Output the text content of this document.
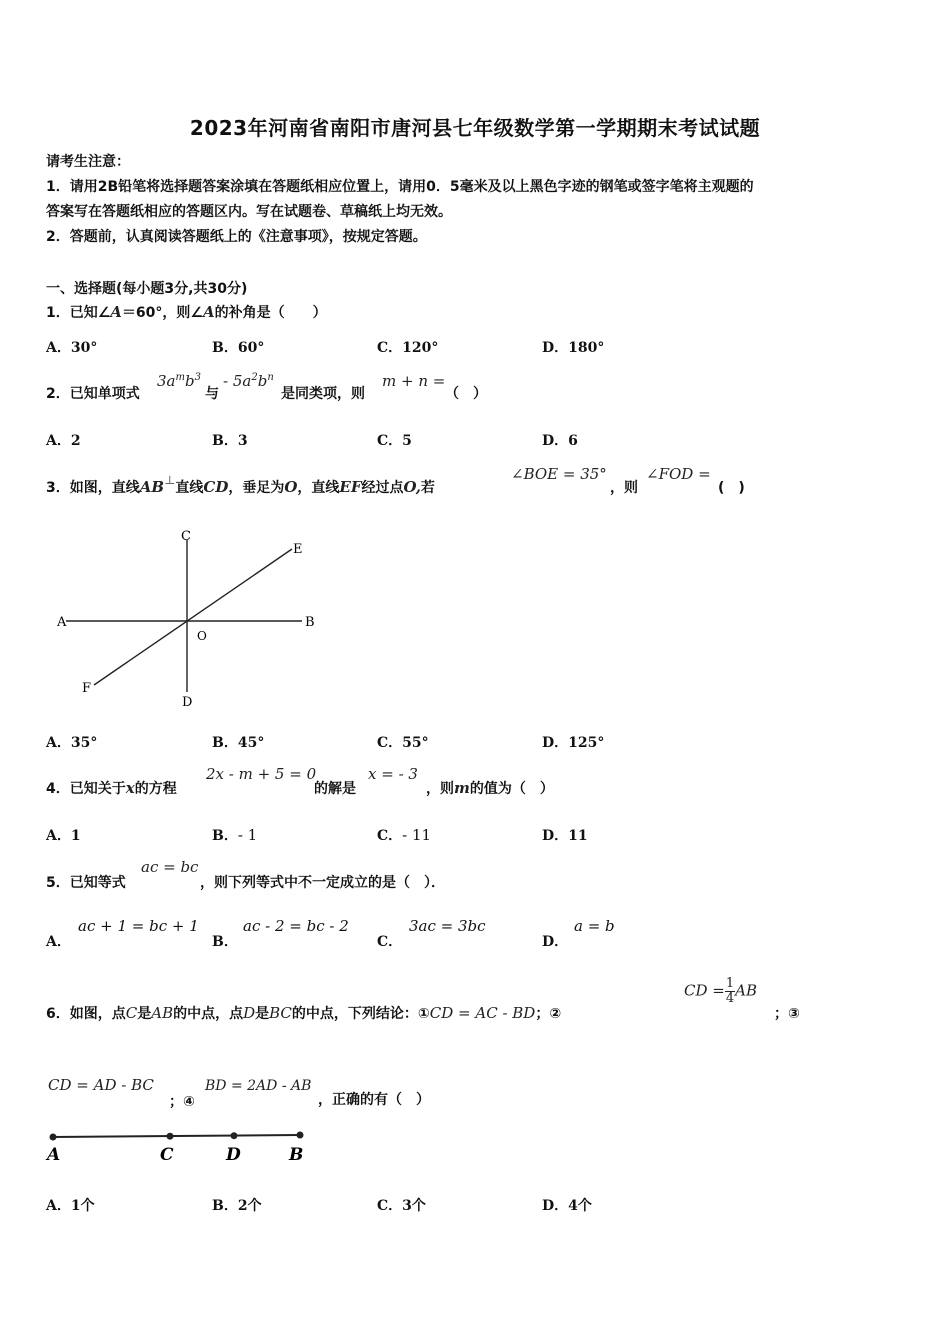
2023年河南省南阳市唐河县七年级数学第一学期期末考试试题
请考生注意：
1．请用2B铅笔将选择题答案涂填在答题纸相应位置上，请用0．5毫米及以上黑色字迹的钢笔或签字笔将主观题的
答案写在答题纸相应的答题区内。写在试题卷、草稿纸上均无效。
2．答题前，认真阅读答题纸上的《注意事项》，按规定答题。
一、选择题(每小题3分,共30分)
1．已知∠A＝60°，则∠A的补角是（　　）
A．30°	B．60°	C．120°	D．180°
2．已知单项式
$3a^mb^3$
与
- $5a^2b^n$
是同类项，则
m + n =
（　）
A．2	B．3	C．5	D．6
3．如图，直线AB⊥直线CD，垂足为O，直线EF经过点O,若
∠BOE = 35°
，则
∠FOD =
(　)
A	B
C
D
E
F
O
A．35°	B．45°	C．55°	D．125°
4．已知关于x的方程
2x - m + 5 = 0
的解是
x = - 3
，则m的值为（　）
A．1	B．- 1	C．- 11	D．11
5．已知等式
ac = bc
，则下列等式中不一定成立的是（　）．
A．
ac + 1 = bc + 1
B．
ac - 2 = bc - 2
C．
3ac = 3bc
D．
a = b
6．如图，点C是AB的中点，点D是BC的中点，下列结论：①CD = AC - BD；②
CD = $\frac{1}{4}$ AB
；③
CD = AD - BC
；④
BD = 2AD - AB
，正确的有（　）
A	C	D	B
A．1个	B．2个	C．3个	D．4个
